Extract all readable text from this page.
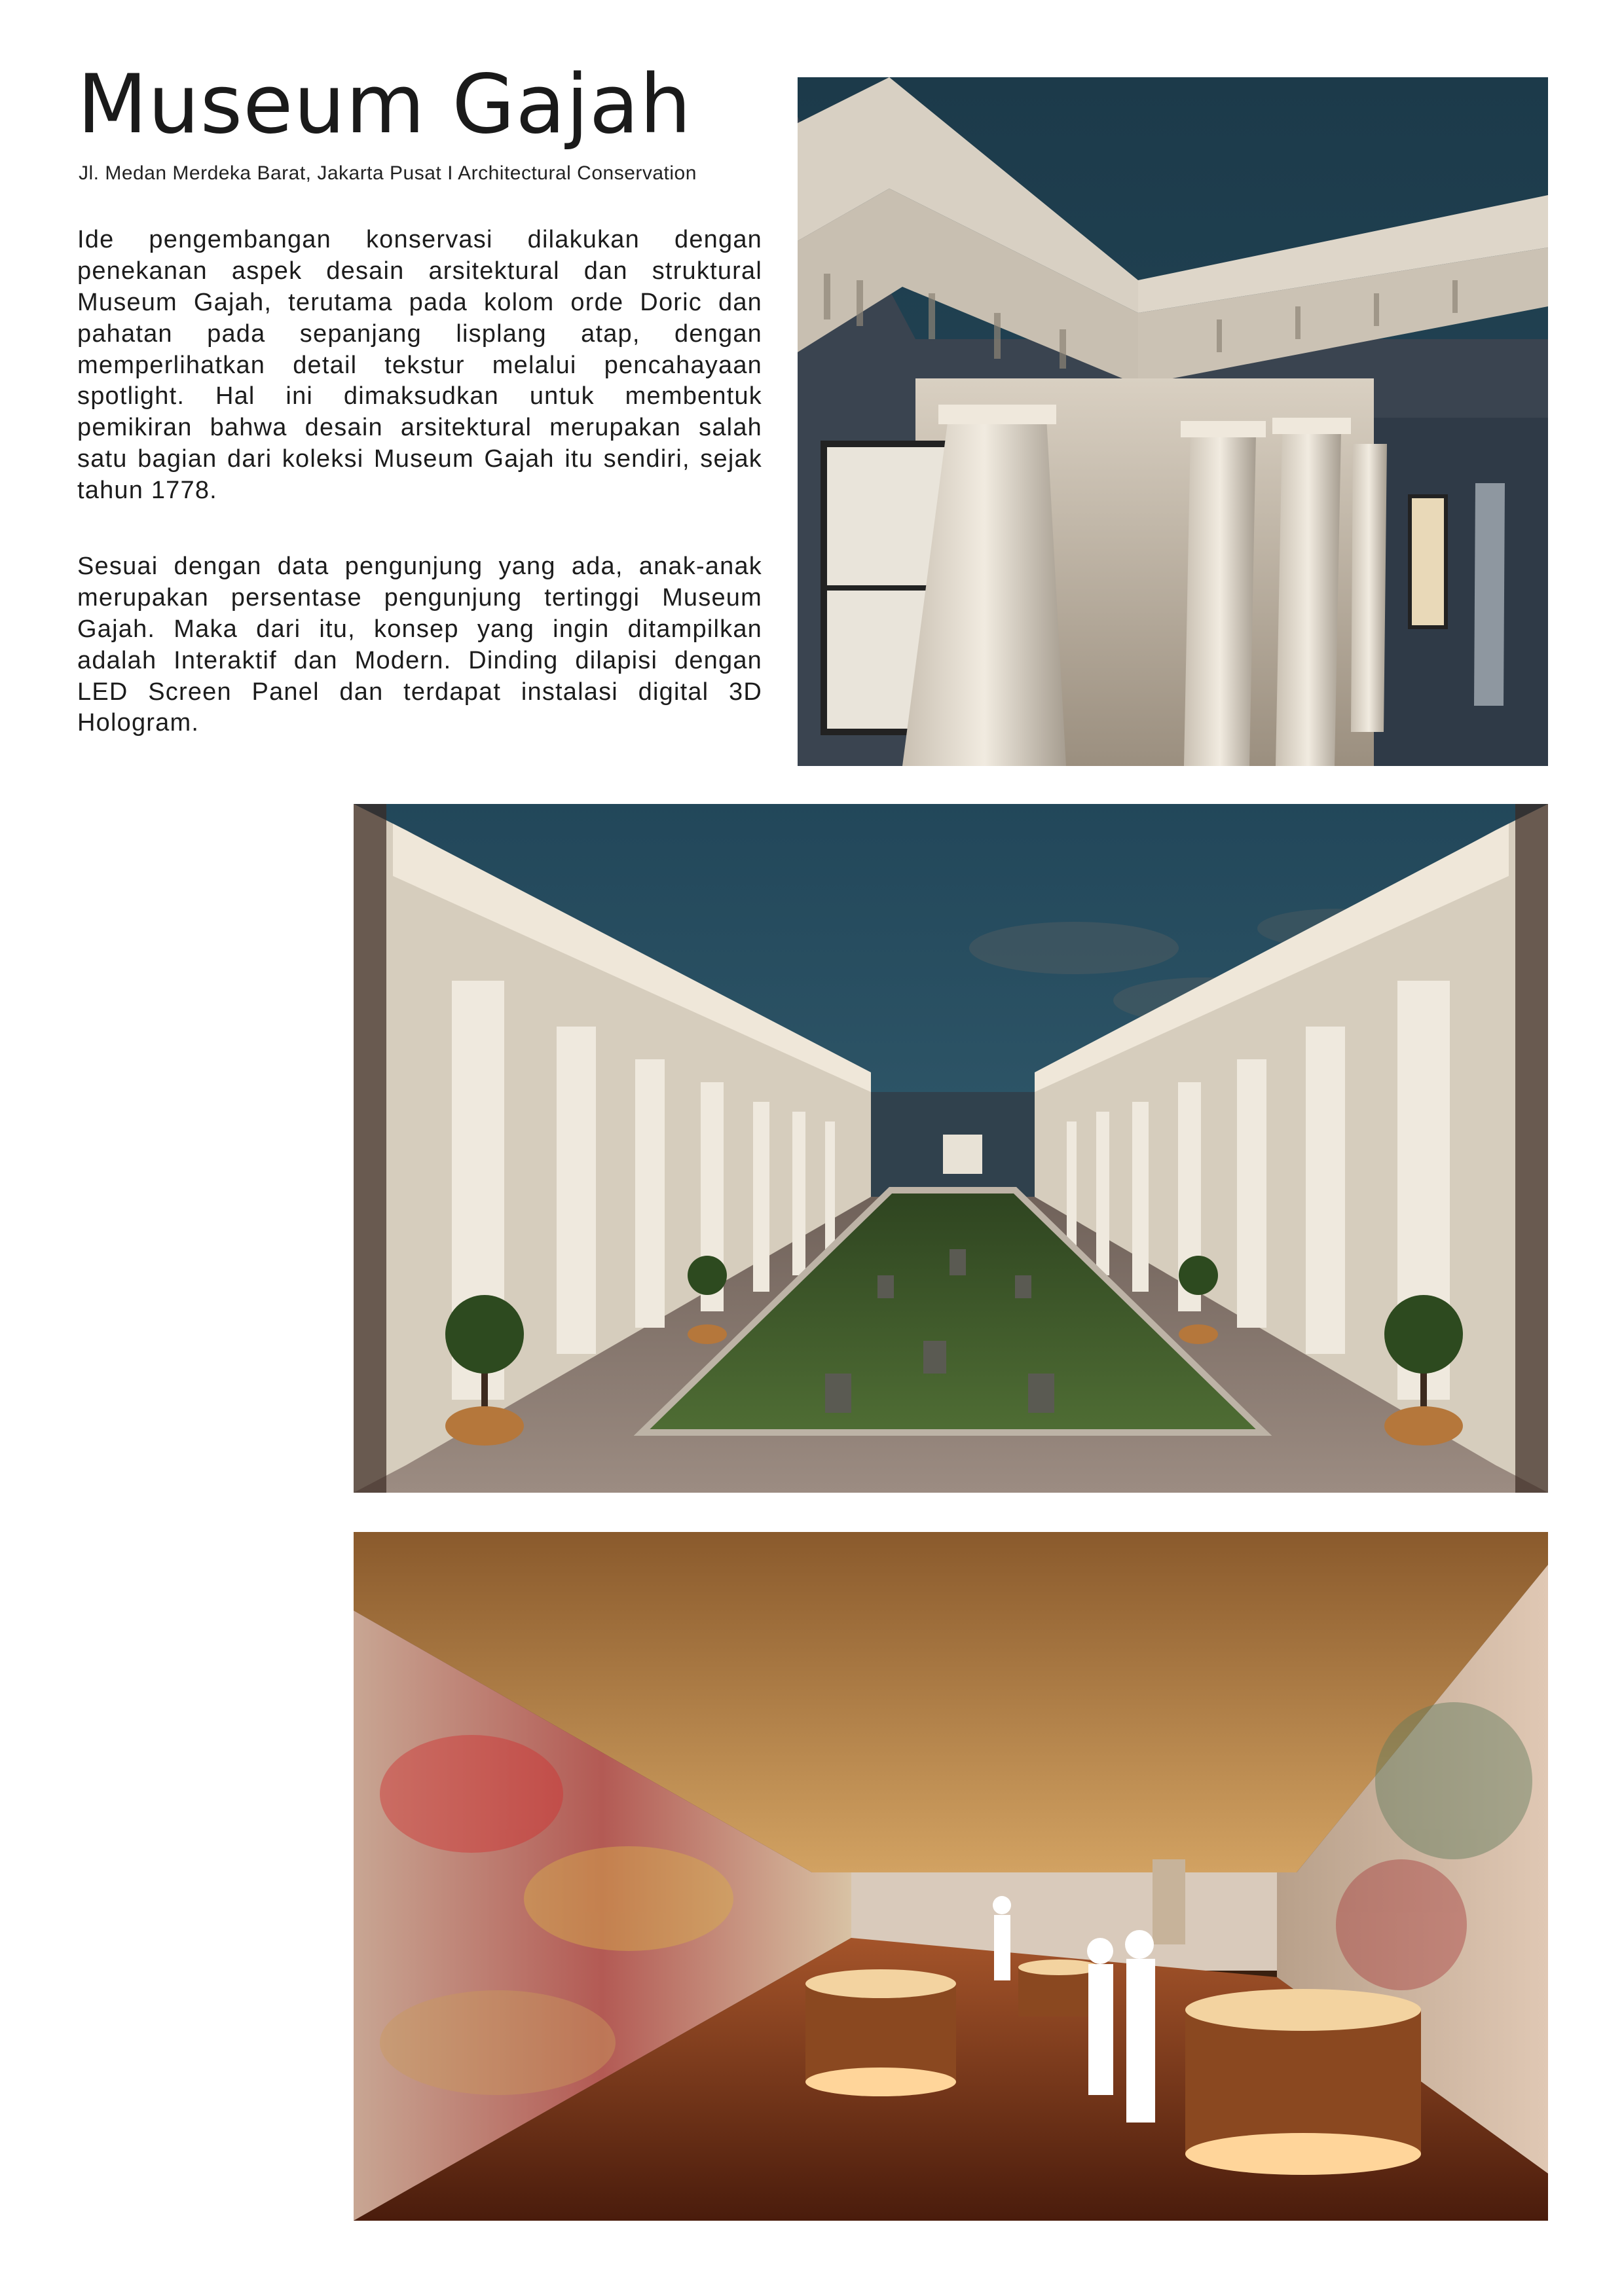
Museum Gajah
Jl. Medan Merdeka Barat, Jakarta Pusat I Architectural Conservation

Ide pengembangan konservasi dilakukan dengan penekanan aspek desain arsitektural dan struktural Museum Gajah, terutama pada kolom orde Doric dan pahatan pada sepanjang lisplang atap, dengan memperlihatkan detail tekstur melalui pencahayaan spotlight. Hal ini dimaksudkan untuk membentuk pemikiran bahwa desain arsitektural merupakan salah satu bagian dari koleksi Museum Gajah itu sendiri, sejak tahun 1778.

Sesuai dengan data pengunjung yang ada, anak-anak merupakan persentase pengunjung tertinggi Museum Gajah. Maka dari itu, konsep yang ingin ditampilkan adalah Interaktif dan Modern. Dinding dilapisi dengan LED Screen Panel dan terdapat instalasi digital 3D Hologram.
